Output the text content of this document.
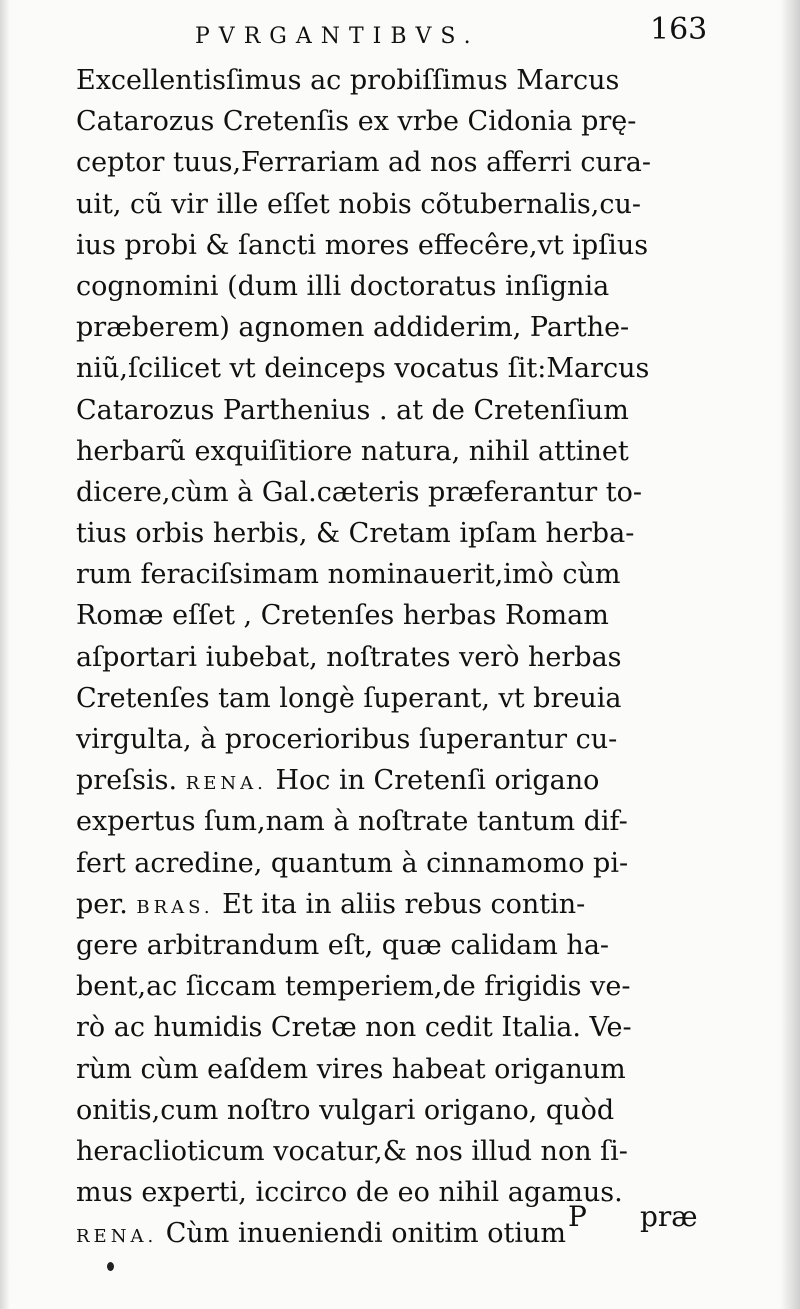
PVRGANTIBVS.	163
Excellentisſimus ac probiſſimus Marcus
Catarozus Cretenſis ex vrbe Cidonia prę-
ceptor tuus,Ferrariam ad nos afferri cura-
uit, cũ vir ille eſſet nobis cõtubernalis,cu-
ius probi & ſancti mores effecêre,vt ipſius
cognomini (dum illi doctoratus inſignia
præberem) agnomen addiderim, Parthe-
niũ,ſcilicet vt deinceps vocatus ſit:Marcus
Catarozus Parthenius . at de Cretenſium
herbarũ exquiſitiore natura, nihil attinet
dicere,cùm à Gal.cæteris præferantur to-
tius orbis herbis, & Cretam ipſam herba-
rum feraciſsimam nominauerit,imò cùm
Romæ eſſet , Cretenſes herbas Romam
aſportari iubebat, noſtrates verò herbas
Cretenſes tam longè ſuperant, vt breuia
virgulta, à procerioribus ſuperantur cu-
preſsis. RENA. Hoc in Cretenſi origano
expertus ſum,nam à noſtrate tantum dif-
fert acredine, quantum à cinnamomo pi-
per. BRAS. Et ita in aliis rebus contin-
gere arbitrandum eſt, quæ calidam ha-
bent,ac ſiccam temperiem,de frigidis ve-
rò ac humidis Cretæ non cedit Italia. Ve-
rùm cùm eaſdem vires habeat origanum
onitis,cum noſtro vulgari origano, quòd
heraclioticum vocatur,& nos illud non ſi-
mus experti, iccirco de eo nihil agamus.
RENA. Cùm inueniendi onitim otium
P præ
